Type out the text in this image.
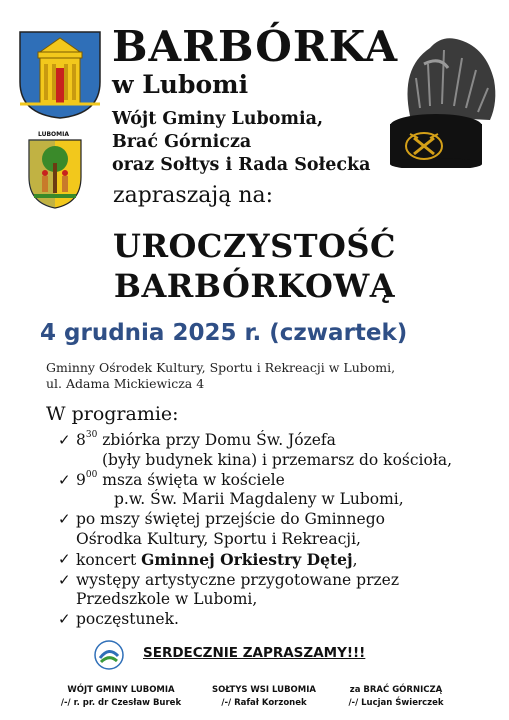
LUBOMIA
BARBÓRKA
w Lubomi
Wójt Gminy Lubomia,
Brać Górnicza
oraz Sołtys i Rada Sołecka
zapraszają na:
UROCZYSTOŚĆ
BARBÓRKOWĄ
4 grudnia 2025 r. (czwartek)
Gminny Ośrodek Kultury, Sportu i Rekreacji w Lubomi,
ul. Adama Mickiewicza 4
W programie:
✓ $8^{30}$ zbiórka przy Domu Św. Józefa
(były budynek kina) i przemarsz do kościoła,
✓ $9^{00}$ msza święta w kościele
p.w. Św. Marii Magdaleny w Lubomi,
✓ po mszy świętej przejście do Gminnego
Ośrodka Kultury, Sportu i Rekreacji,
✓ koncert Gminnej Orkiestry Dętej,
✓ występy artystyczne przygotowane przez
Przedszkole w Lubomi,
✓ poczęstunek.
SERDECZNIE ZAPRASZAMY!!!
WÓJT GMINY LUBOMIA
/-/ r. pr. dr Czesław Burek
SOŁTYS WSI LUBOMIA
/-/ Rafał Korzonek
za BRAĆ GÓRNICZĄ
/-/ Lucjan Świerczek
